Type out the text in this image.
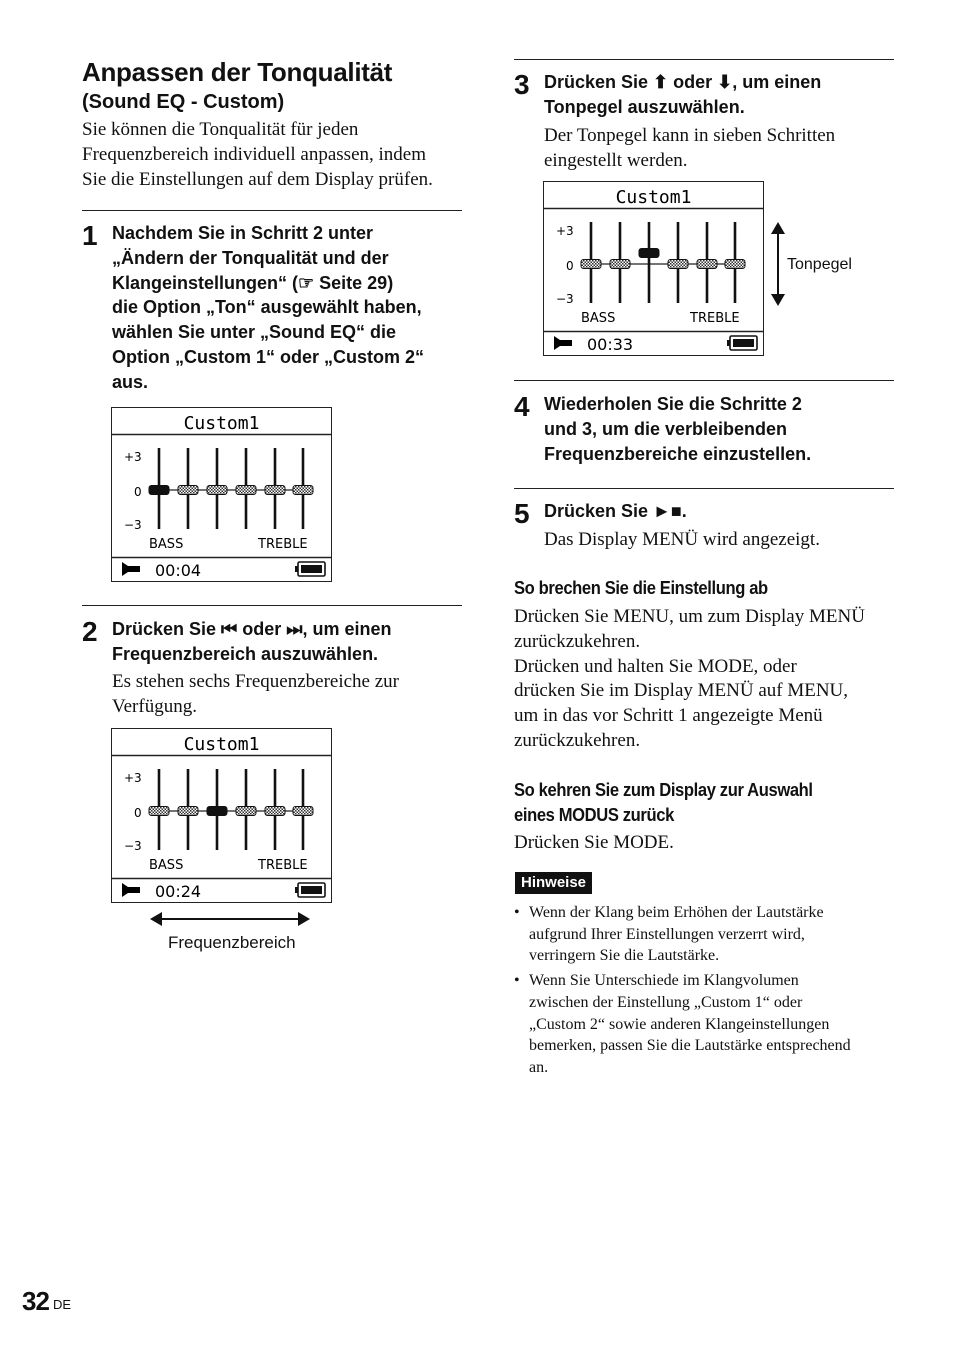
Anpassen der Tonqualität
(Sound EQ - Custom)
Sie können die Tonqualität für jeden
Frequenzbereich individuell anpassen, indem
Sie die Einstellungen auf dem Display prüfen.
1 Nachdem Sie in Schritt 2 unter
„Ändern der Tonqualität und der
Klangeinstellungen“ (☞ Seite 29)
die Option „Ton“ ausgewählt haben,
wählen Sie unter „Sound EQ“ die
Option „Custom 1“ oder „Custom 2“
aus.
Custom1
+3
0
−3
BASS	TREBLE
00:04
2 Drücken Sie ⏮ oder ⏭, um einen
Frequenzbereich auszuwählen.
Es stehen sechs Frequenzbereiche zur
Verfügung.
Custom1
+3
0
−3
BASS	TREBLE
00:24
Frequenzbereich
3 Drücken Sie ⬆ oder ⬇, um einen
Tonpegel auszuwählen.
Der Tonpegel kann in sieben Schritten
eingestellt werden.
Custom1
+3
0
−3
BASS	TREBLE
00:33
Tonpegel
4 Wiederholen Sie die Schritte 2
und 3, um die verbleibenden
Frequenzbereiche einzustellen.
5 Drücken Sie ►■.
Das Display MENÜ wird angezeigt.
So brechen Sie die Einstellung ab
Drücken Sie MENU, um zum Display MENÜ
zurückzukehren.
Drücken und halten Sie MODE, oder
drücken Sie im Display MENÜ auf MENU,
um in das vor Schritt 1 angezeigte Menü
zurückzukehren.
So kehren Sie zum Display zur Auswahl
eines MODUS zurück
Drücken Sie MODE.
Hinweise
• Wenn der Klang beim Erhöhen der Lautstärke
aufgrund Ihrer Einstellungen verzerrt wird,
verringern Sie die Lautstärke.
• Wenn Sie Unterschiede im Klangvolumen
zwischen der Einstellung „Custom 1“ oder
„Custom 2“ sowie anderen Klangeinstellungen
bemerken, passen Sie die Lautstärke entsprechend
an.
32 DE
